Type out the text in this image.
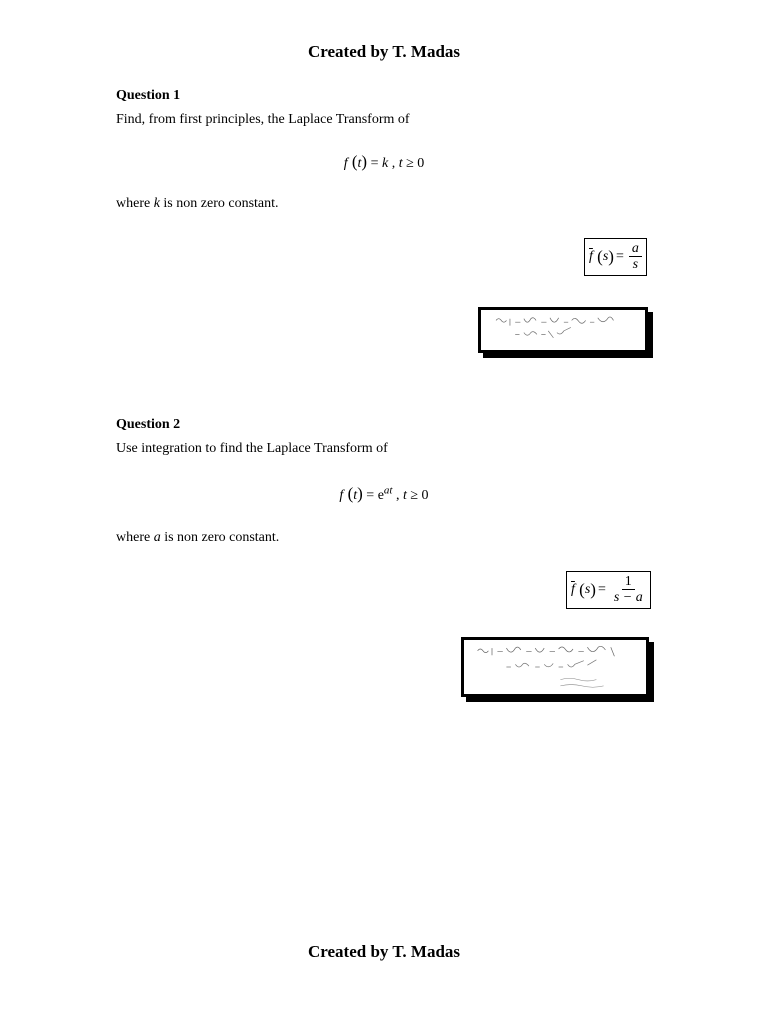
Created by T. Madas
Question 1
Find, from first principles, the Laplace Transform of
f (t) = k , t ≥ 0
where k is non zero constant.
$\overline{f}$ ( s ) = $\frac{a}{s}$
Question 2
Use integration to find the Laplace Transform of
f $(t) = e^{at}$ , t ≥ 0
where a is non zero constant.
$\overline{f}$ ( s ) = $\frac{1}{s - a}$
Created by T. Madas
